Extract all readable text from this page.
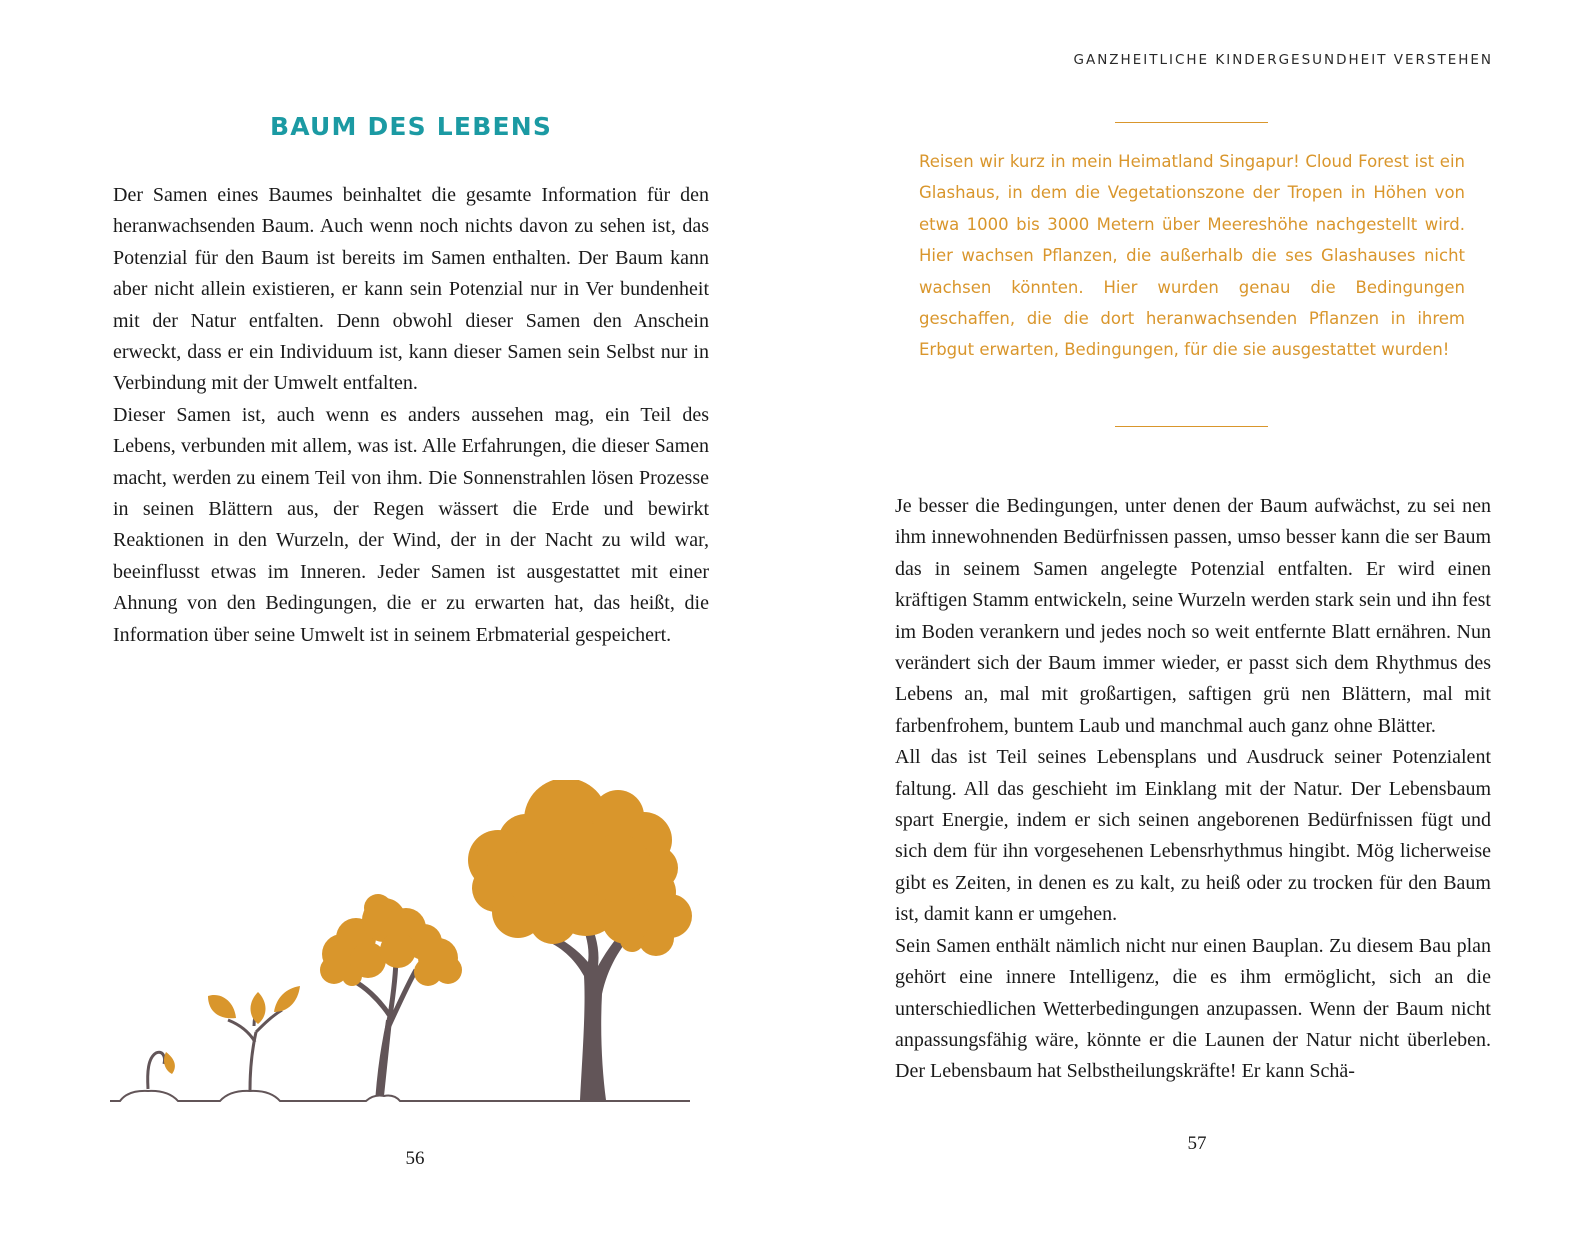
BAUM DES LEBENS

Der Samen eines Baumes beinhaltet die gesamte Information für den heranwachsenden Baum. Auch wenn noch nichts davon zu sehen ist, das Potenzial für den Baum ist bereits im Samen enthalten. Der Baum kann aber nicht allein existieren, er kann sein Potenzial nur in Ver bundenheit mit der Natur entfalten. Denn obwohl dieser Samen den Anschein erweckt, dass er ein Individuum ist, kann dieser Samen sein Selbst nur in Verbindung mit der Umwelt entfalten.

Dieser Samen ist, auch wenn es anders aussehen mag, ein Teil des Lebens, verbunden mit allem, was ist. Alle Erfahrungen, die dieser Samen macht, werden zu einem Teil von ihm. Die Sonnenstrahlen lösen Prozesse in seinen Blättern aus, der Regen wässert die Erde und bewirkt Reaktionen in den Wurzeln, der Wind, der in der Nacht zu wild war, beeinflusst etwas im Inneren. Jeder Samen ist ausgestattet mit einer Ahnung von den Bedingungen, die er zu erwarten hat, das heißt, die Information über seine Umwelt ist in seinem Erbmaterial gespeichert.

56
GANZHEITLICHE KINDERGESUNDHEIT VERSTEHEN
Reisen wir kurz in mein Heimatland Singapur! Cloud Forest ist ein Glashaus, in dem die Vegetationszone der Tropen in Höhen von etwa 1000 bis 3000 Metern über Meereshöhe nachgestellt wird. Hier wachsen Pflanzen, die außerhalb die ses Glashauses nicht wachsen könnten. Hier wurden genau die Bedingungen geschaffen, die die dort heranwachsenden Pflanzen in ihrem Erbgut erwarten, Bedingungen, für die sie ausgestattet wurden!

Je besser die Bedingungen, unter denen der Baum aufwächst, zu sei nen ihm innewohnenden Bedürfnissen passen, umso besser kann die ser Baum das in seinem Samen angelegte Potenzial entfalten. Er wird einen kräftigen Stamm entwickeln, seine Wurzeln werden stark sein und ihn fest im Boden verankern und jedes noch so weit entfernte Blatt ernähren. Nun verändert sich der Baum immer wieder, er passt sich dem Rhythmus des Lebens an, mal mit großartigen, saftigen grü nen Blättern, mal mit farbenfrohem, buntem Laub und manchmal auch ganz ohne Blätter.

All das ist Teil seines Lebensplans und Ausdruck seiner Potenzialent faltung. All das geschieht im Einklang mit der Natur. Der Lebensbaum spart Energie, indem er sich seinen angeborenen Bedürfnissen fügt und sich dem für ihn vorgesehenen Lebensrhythmus hingibt. Mög licherweise gibt es Zeiten, in denen es zu kalt, zu heiß oder zu trocken für den Baum ist, damit kann er umgehen.

Sein Samen enthält nämlich nicht nur einen Bauplan. Zu diesem Bau plan gehört eine innere Intelligenz, die es ihm ermöglicht, sich an die unterschiedlichen Wetterbedingungen anzupassen. Wenn der Baum nicht anpassungsfähig wäre, könnte er die Launen der Natur nicht überleben. Der Lebensbaum hat Selbstheilungskräfte! Er kann Schä-

57
